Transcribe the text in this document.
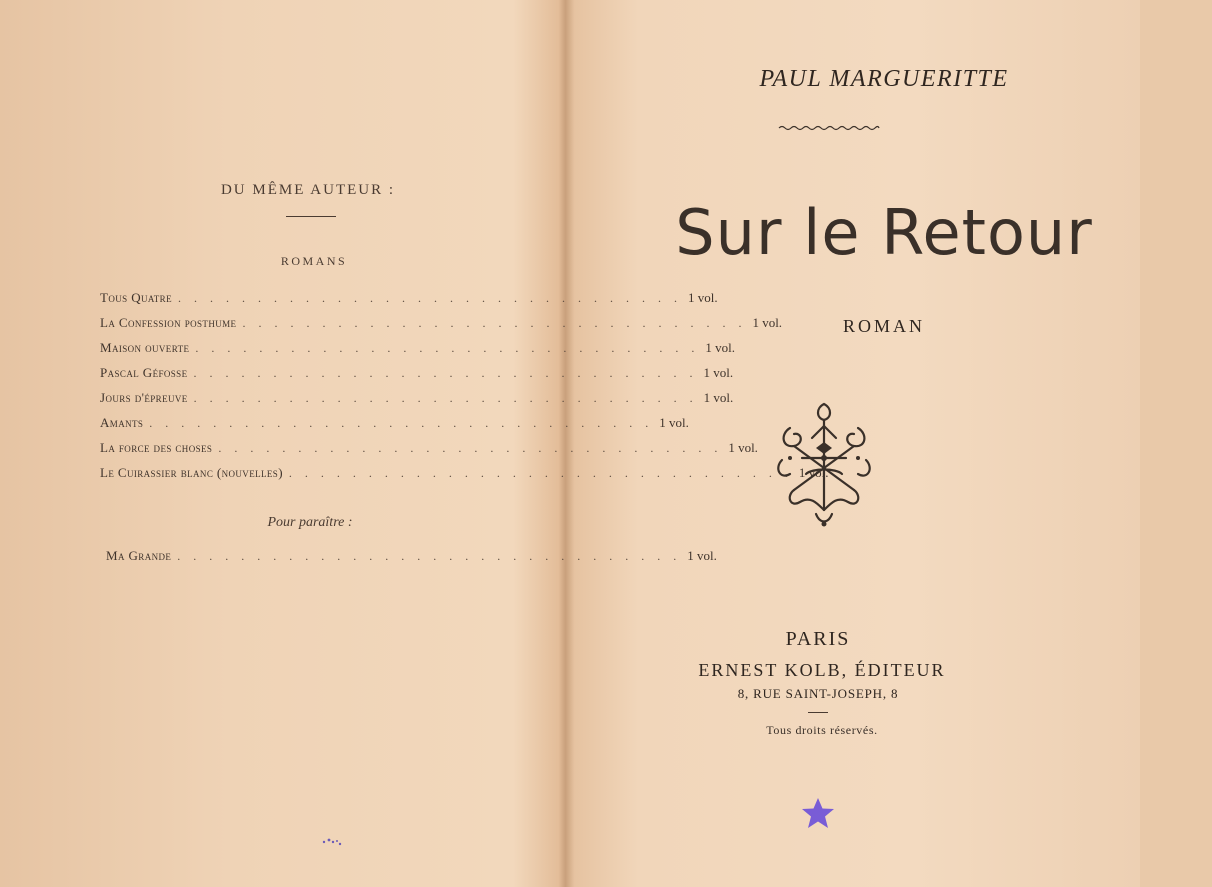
DU MÊME AUTEUR :
ROMANS
Tous Quatre . . . . . . . . . . . . . . . . . . . . . . . . . . . . . . . . 1 vol.
La Confession posthume . . . . . . . . . . . . . . . . . . . . . . . . . . . . . . . . 1 vol.
Maison ouverte . . . . . . . . . . . . . . . . . . . . . . . . . . . . . . . . 1 vol.
Pascal Géfosse . . . . . . . . . . . . . . . . . . . . . . . . . . . . . . . . 1 vol.
Jours d'épreuve . . . . . . . . . . . . . . . . . . . . . . . . . . . . . . . . 1 vol.
Amants . . . . . . . . . . . . . . . . . . . . . . . . . . . . . . . . 1 vol.
La force des choses . . . . . . . . . . . . . . . . . . . . . . . . . . . . . . . . 1 vol.
Le Cuirassier blanc (nouvelles) . . . . . . . . . . . . . . . . . . . . . . . . . . . . . . . . 1 vol.
Pour paraître :
Ma Grande . . . . . . . . . . . . . . . . . . . . . . . . . . . . . . . . 1 vol.
PAUL MARGUERITTE
Sur le Retour
ROMAN
PARIS
ERNEST KOLB, ÉDITEUR
8, RUE SAINT-JOSEPH, 8
Tous droits réservés.
